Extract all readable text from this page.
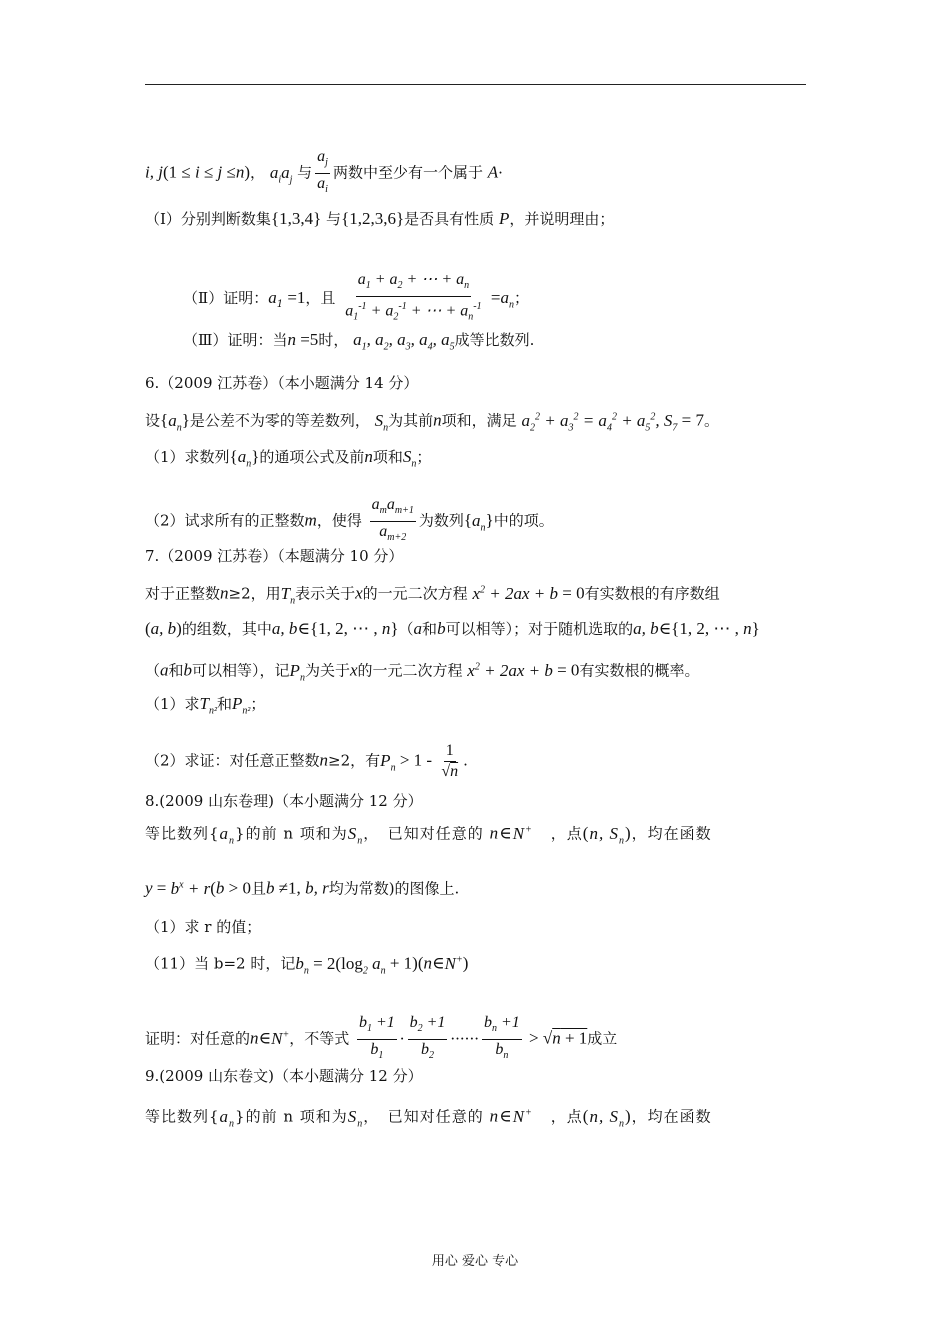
i, j(1 ≤ i ≤ j ≤n)， $a_ia_j$ 与 $\frac{a_j}{a_i}$ 两数中至少有一个属于 A·
（Ⅰ）分别判断数集{1,3,4} 与{1,2,3,6}是否具有性质 P，并说明理由；
（Ⅱ）证明：$a_1 =1$，且 $\frac{a_1 + a_2 + \cdots + a_n}{a_1^{-1} + a_2^{-1} + \cdots + a_n^{-1}} =a_n$；
（Ⅲ）证明：当n =5时， $a_1$, $a_2$, $a_3$, $a_4$, $a_5$成等比数列.
6.（2009 江苏卷）（本小题满分 14 分）
设$\{a_n\}$是公差不为零的等差数列， $S_n$为其前n项和，满足 $a_2^2 + a_3^2 = a_4^2 + a_5^2$, $S_7 = 7$。
（1）求数列$\{a_n\}$的通项公式及前n项和$S_n$；
（2）试求所有的正整数m，使得 $\frac{a_ma_{m+1}}{a_{m+2}}$ 为数列$\{a_n\}$中的项。
7.（2009 江苏卷）（本题满分 10 分）
对于正整数n≥2，用$T_n$表示关于x的一元二次方程 $x^2 + 2ax + b = 0$有实数根的有序数组
(a, b)的组数，其中a, b∈{1, 2, ⋯ , n}（a和b可以相等）；对于随机选取的a, b∈{1, 2, ⋯ , n}
（a和b可以相等），记$P_n$为关于x的一元二次方程 $x^2 + 2ax + b = 0$有实数根的概率。
（1）求$T_{n^2}$和$P_{n^2}$；
（2）求证：对任意正整数n≥2，有$P_n > 1 - \frac{1}{√n}$ .
8.(2009 山东卷理)（本小题满分 12 分）
等比数列$\{a_n\}$的前 n 项和为$S_n$，　已知对任意的 n∈N+ ，点(n, $S_n$)，均在函数
$y = b^x + r(b > 0$且b ≠1, b, r均为常数)的图像上.
（1）求 r 的值；
（11）当 b=2 时，记$b_n = 2(\log_2$ $a_n$ + 1)(n∈N+)
证明：对任意的n∈N+，不等式 $\frac{b_1 +1}{b_1} \cdot \frac{b_2 +1}{b_2}$ ······ $\frac{b_n +1}{b_n} > √n + 1$成立
9.(2009 山东卷文)（本小题满分 12 分）
等比数列$\{a_n\}$的前 n 项和为$S_n$，　已知对任意的 n∈N+ ，点(n, $S_n$)，均在函数
用心 爱心 专心
